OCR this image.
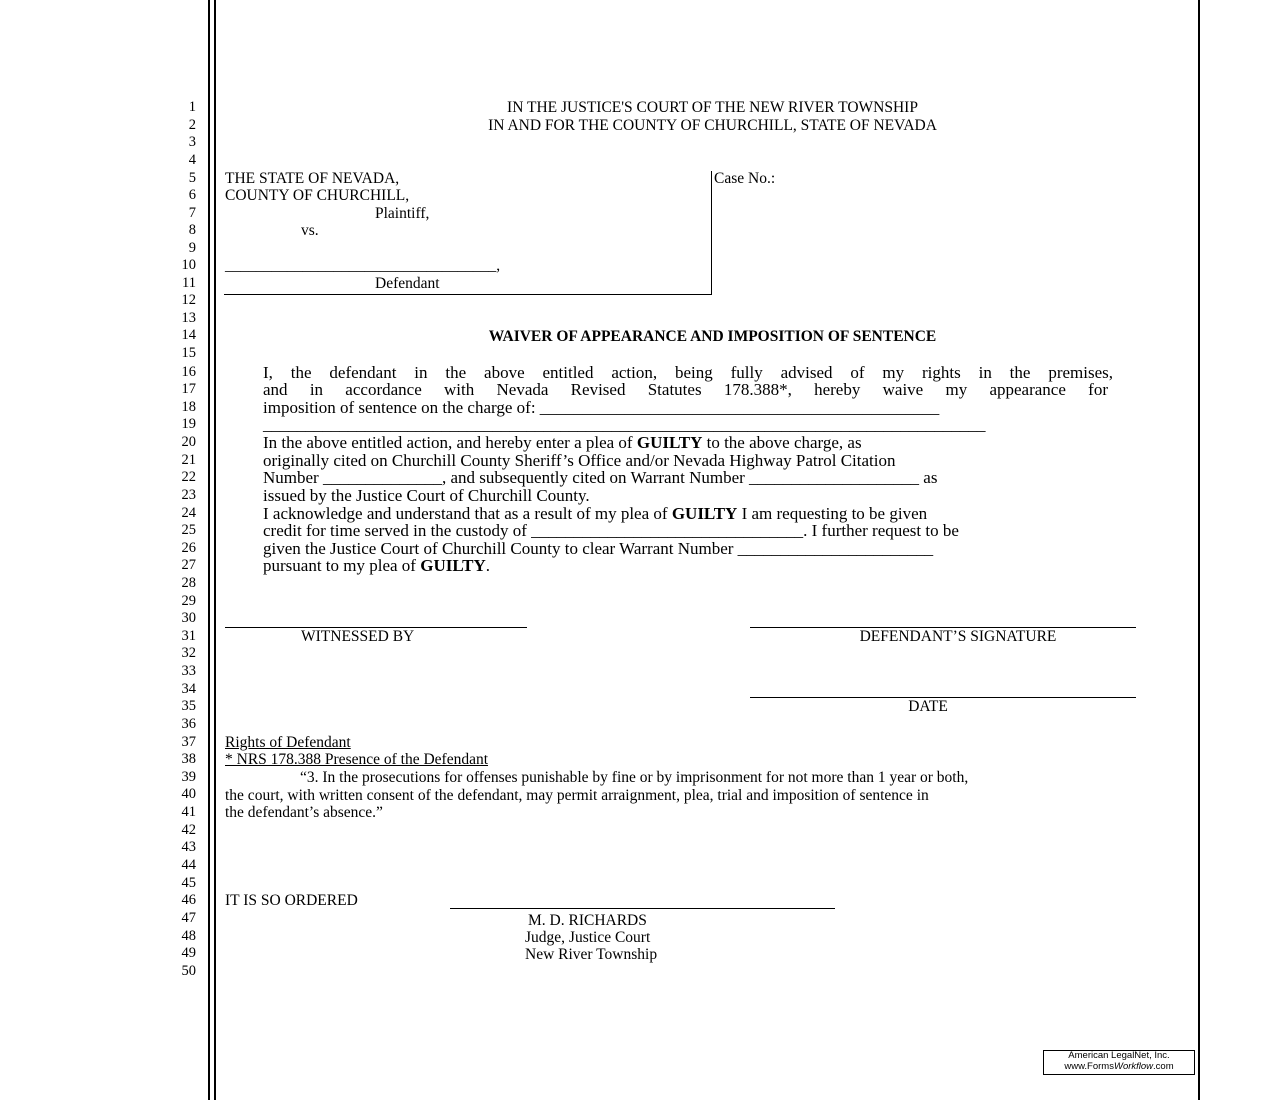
1
2
3
4
5
6
7
8
9
10
11
12
13
14
15
16
17
18
19
20
21
22
23
24
25
26
27
28
29
30
31
32
33
34
35
36
37
38
39
40
41
42
43
44
45
46
47
48
49
50
IN THE JUSTICE'S COURT OF THE NEW RIVER TOWNSHIP
IN AND FOR THE COUNTY OF CHURCHILL, STATE OF NEVADA
THE STATE OF NEVADA,
COUNTY OF CHURCHILL,
Plaintiff,
vs.
___________________________________,
Defendant
Case No.:
WAIVER OF APPEARANCE AND IMPOSITION OF SENTENCE
I, the defendant in the above entitled action, being fully advised of my rights in the premises,
and in accordance with Nevada Revised Statutes 178.388*, hereby waive my appearance for
imposition of sentence on the charge of: _______________________________________________
_____________________________________________________________________________________
In the above entitled action, and hereby enter a plea of GUILTY to the above charge, as
originally cited on Churchill County Sheriff’s Office and/or Nevada Highway Patrol Citation
Number ______________, and subsequently cited on Warrant Number ____________________ as
issued by the Justice Court of Churchill County.
I acknowledge and understand that as a result of my plea of GUILTY I am requesting to be given
credit for time served in the custody of ________________________________. I further request to be
given the Justice Court of Churchill County to clear Warrant Number _______________________
pursuant to my plea of GUILTY.
WITNESSED BY	DEFENDANT’S SIGNATURE
DATE
Rights of Defendant
* NRS 178.388 Presence of the Defendant
“3. In the prosecutions for offenses punishable by fine or by imprisonment for not more than 1 year or both,
the court, with written consent of the defendant, may permit arraignment, plea, trial and imposition of sentence in
the defendant’s absence.”
IT IS SO ORDERED
M. D. RICHARDS
Judge, Justice Court
New River Township
American LegalNet, Inc.
www.FormsWorkflow.com
